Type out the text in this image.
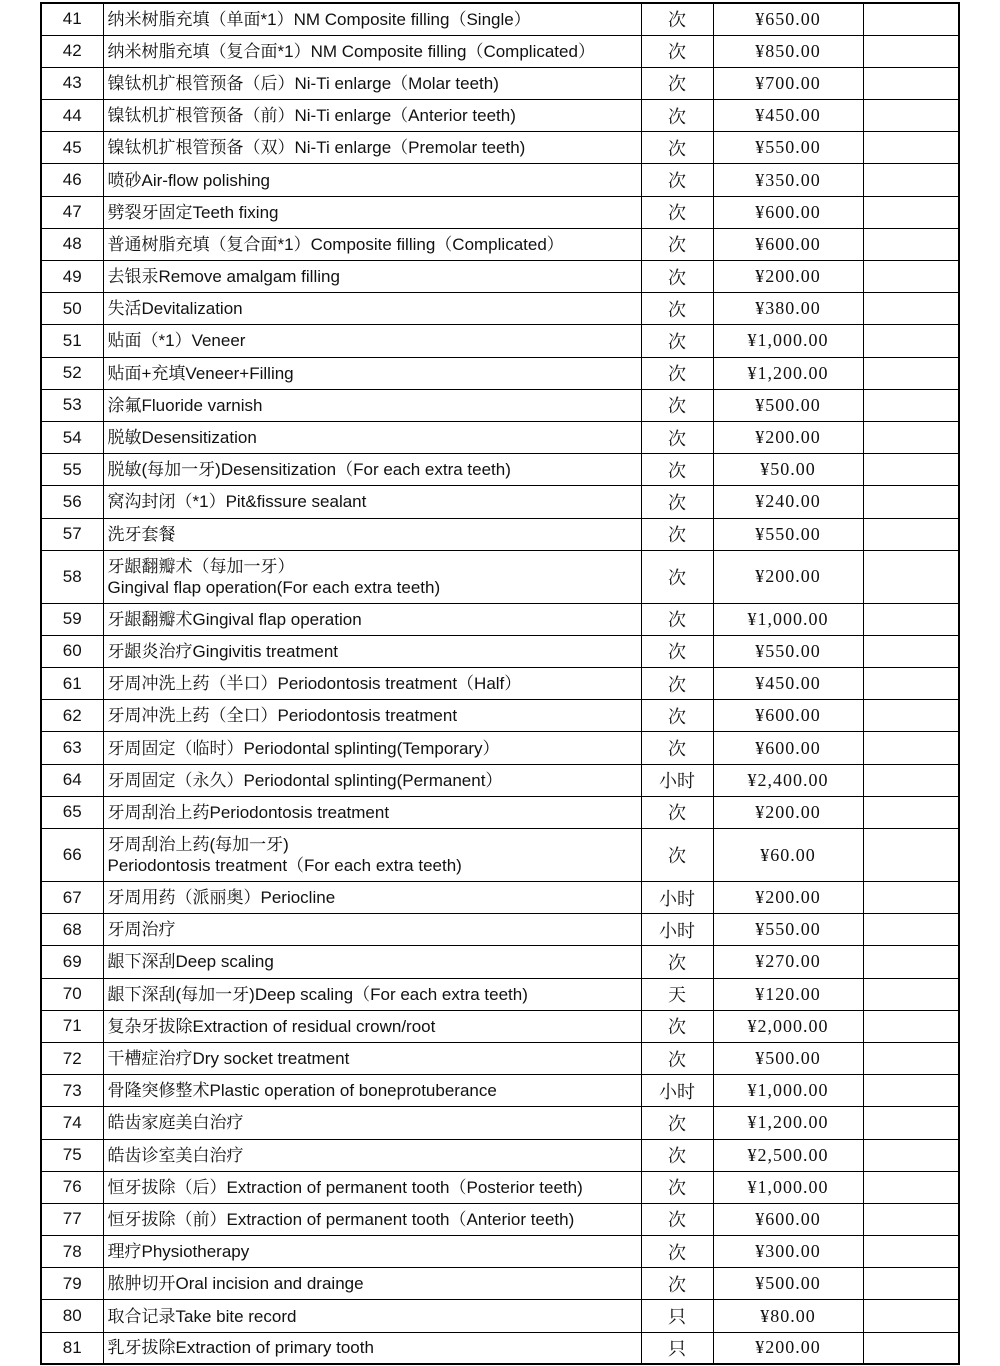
41	纳米树脂充填（单面*1）NM Composite filling（Single）	次	¥650.00	
42	纳米树脂充填（复合面*1）NM Composite filling（Complicated）	次	¥850.00	
43	镍钛机扩根管预备（后）Ni-Ti enlarge（Molar teeth)	次	¥700.00	
44	镍钛机扩根管预备（前）Ni-Ti enlarge（Anterior teeth)	次	¥450.00	
45	镍钛机扩根管预备（双）Ni-Ti enlarge（Premolar teeth)	次	¥550.00	
46	喷砂Air-flow polishing	次	¥350.00	
47	劈裂牙固定Teeth fixing	次	¥600.00	
48	普通树脂充填（复合面*1）Composite filling（Complicated）	次	¥600.00	
49	去银汞Remove amalgam filling	次	¥200.00	
50	失活Devitalization	次	¥380.00	
51	贴面（*1）Veneer	次	¥1,000.00	
52	贴面+充填Veneer+Filling	次	¥1,200.00	
53	涂氟Fluoride varnish	次	¥500.00	
54	脱敏Desensitization	次	¥200.00	
55	脱敏(每加一牙)Desensitization（For each extra teeth)	次	¥50.00	
56	窝沟封闭（*1）Pit&fissure sealant	次	¥240.00	
57	洗牙套餐	次	¥550.00	
58	牙龈翻瓣术（每加一牙）
Gingival flap operation(For each extra teeth)	次	¥200.00	
59	牙龈翻瓣术Gingival flap operation	次	¥1,000.00	
60	牙龈炎治疗Gingivitis treatment	次	¥550.00	
61	牙周冲洗上药（半口）Periodontosis treatment（Half）	次	¥450.00	
62	牙周冲洗上药（全口）Periodontosis treatment	次	¥600.00	
63	牙周固定（临时）Periodontal splinting(Temporary）	次	¥600.00	
64	牙周固定（永久）Periodontal splinting(Permanent）	小时	¥2,400.00	
65	牙周刮治上药Periodontosis treatment	次	¥200.00	
66	牙周刮治上药(每加一牙)
Periodontosis treatment（For each extra teeth)	次	¥60.00	
67	牙周用药（派丽奥）Periocline	小时	¥200.00	
68	牙周治疗	小时	¥550.00	
69	龈下深刮Deep scaling	次	¥270.00	
70	龈下深刮(每加一牙)Deep scaling（For each extra teeth)	天	¥120.00	
71	复杂牙拔除Extraction of residual crown/root	次	¥2,000.00	
72	干槽症治疗Dry socket treatment	次	¥500.00	
73	骨隆突修整术Plastic operation of boneprotuberance	小时	¥1,000.00	
74	皓齿家庭美白治疗	次	¥1,200.00	
75	皓齿诊室美白治疗	次	¥2,500.00	
76	恒牙拔除（后）Extraction of permanent tooth（Posterior teeth)	次	¥1,000.00	
77	恒牙拔除（前）Extraction of permanent tooth（Anterior teeth)	次	¥600.00	
78	理疗Physiotherapy	次	¥300.00	
79	脓肿切开Oral incision and drainge	次	¥500.00	
80	取合记录Take bite record	只	¥80.00	
81	乳牙拔除Extraction of primary tooth	只	¥200.00	
